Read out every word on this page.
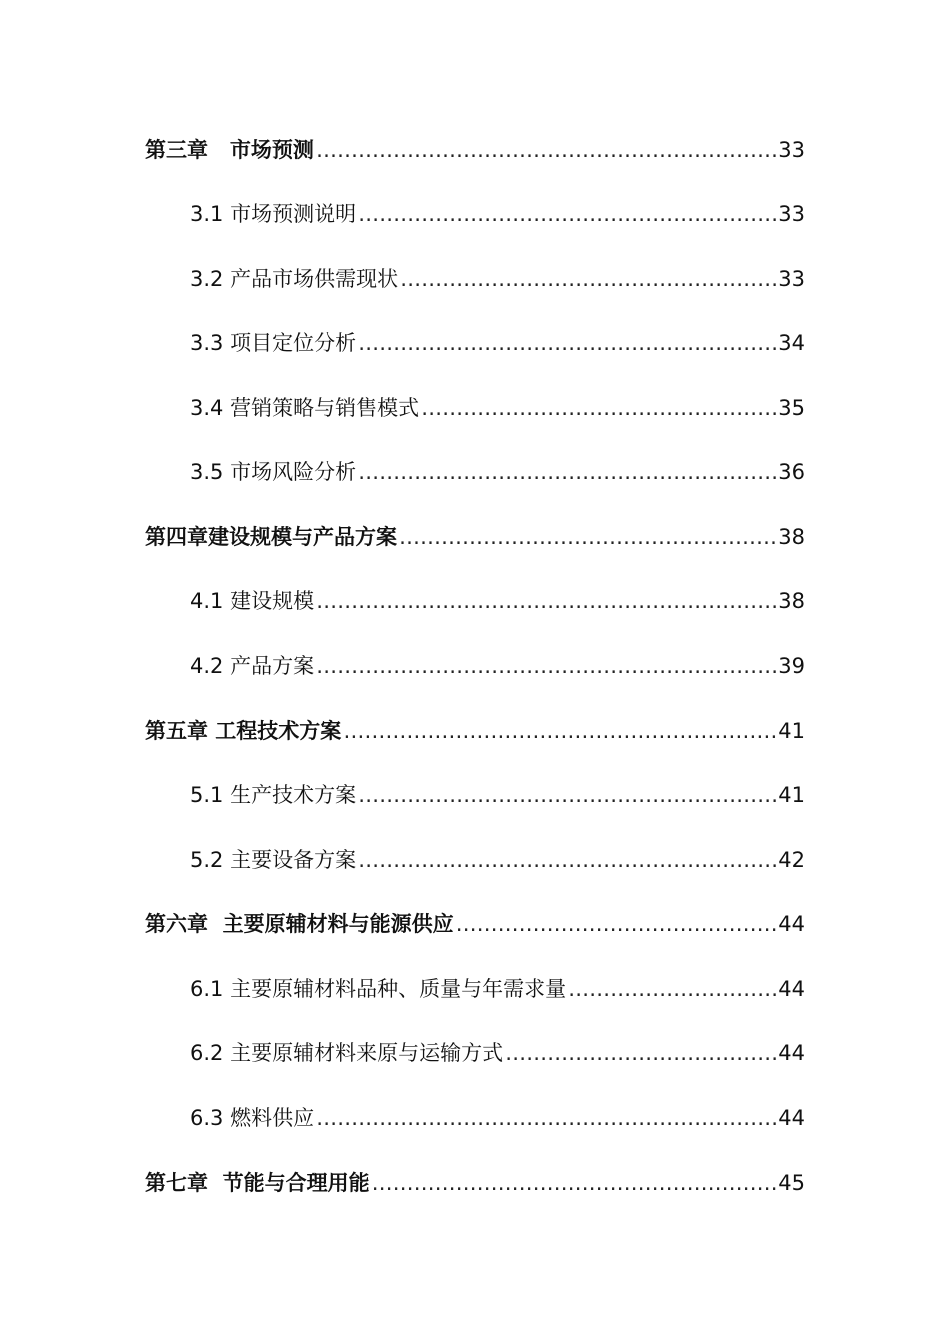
第三章   市场预测 ……………………………………………………………………………………………………………………………………………………………………	33
3.1 市场预测说明 ……………………………………………………………………………………………………………………………………………………………………	33
3.2 产品市场供需现状 ……………………………………………………………………………………………………………………………………………………………………	33
3.3 项目定位分析 ……………………………………………………………………………………………………………………………………………………………………	34
3.4 营销策略与销售模式 ……………………………………………………………………………………………………………………………………………………………………	35
3.5 市场风险分析 ……………………………………………………………………………………………………………………………………………………………………	36
第四章建设规模与产品方案 ……………………………………………………………………………………………………………………………………………………………………	38
4.1 建设规模 ……………………………………………………………………………………………………………………………………………………………………	38
4.2 产品方案 ……………………………………………………………………………………………………………………………………………………………………	39
第五章 工程技术方案 ……………………………………………………………………………………………………………………………………………………………………	41
5.1 生产技术方案 ……………………………………………………………………………………………………………………………………………………………………	41
5.2 主要设备方案 ……………………………………………………………………………………………………………………………………………………………………	42
第六章  主要原辅材料与能源供应 ……………………………………………………………………………………………………………………………………………………………………	44
6.1 主要原辅材料品种、质量与年需求量 ……………………………………………………………………………………………………………………………………………………………………	44
6.2 主要原辅材料来原与运输方式 ……………………………………………………………………………………………………………………………………………………………………	44
6.3 燃料供应 ……………………………………………………………………………………………………………………………………………………………………	44
第七章  节能与合理用能 ……………………………………………………………………………………………………………………………………………………………………	45
